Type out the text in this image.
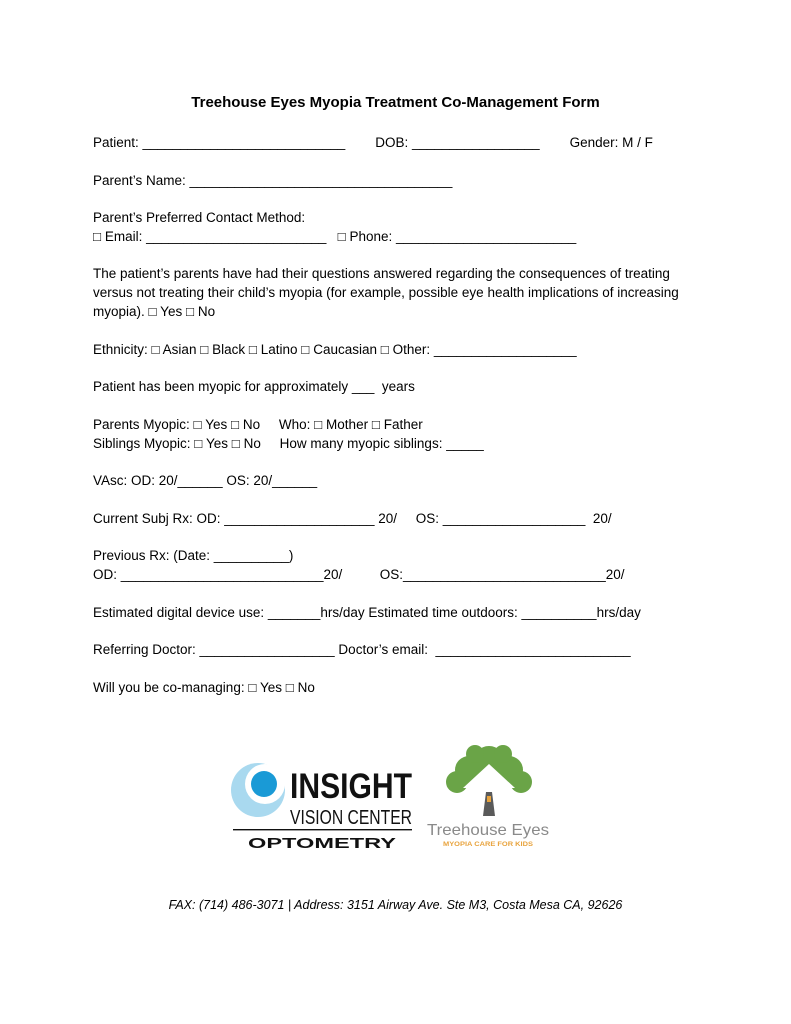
Treehouse Eyes Myopia Treatment Co-Management Form
Patient: ___________________________        DOB: _________________        Gender: M / F
Parent’s Name: ___________________________________
Parent’s Preferred Contact Method:
□ Email: ________________________   □ Phone: ________________________
The patient’s parents have had their questions answered regarding the consequences of treating versus not treating their child’s myopia (for example, possible eye health implications of increasing myopia). □ Yes □ No
Ethnicity: □ Asian □ Black □ Latino □ Caucasian □ Other: ___________________
Patient has been myopic for approximately ___  years
Parents Myopic: □ Yes □ No     Who: □ Mother □ Father
Siblings Myopic: □ Yes □ No     How many myopic siblings: _____
VAsc: OD: 20/______ OS: 20/______
Current Subj Rx: OD: ____________________ 20/     OS: ___________________  20/
Previous Rx: (Date: __________)
OD: ___________________________20/          OS:___________________________20/
Estimated digital device use: _______hrs/day Estimated time outdoors: __________hrs/day
Referring Doctor: __________________ Doctor’s email:  __________________________
Will you be co-managing: □ Yes □ No
INSIGHT
VISION CENTER
OPTOMETRY
Treehouse Eyes
MYOPIA CARE FOR KIDS
FAX: (714) 486-3071 | Address: 3151 Airway Ave. Ste M3, Costa Mesa CA, 92626
